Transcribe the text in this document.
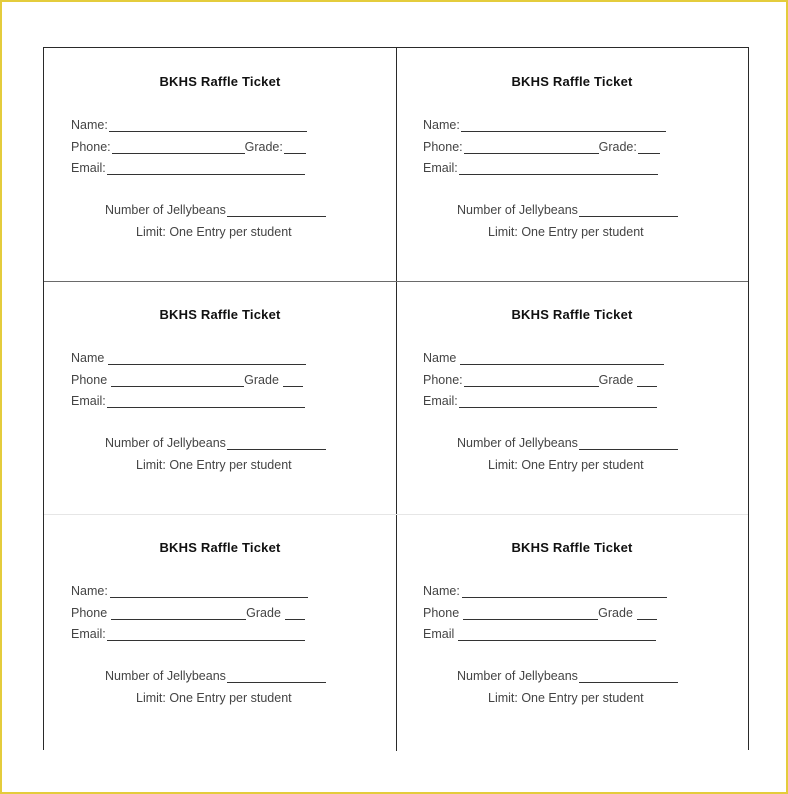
BKHS Raffle Ticket
Name:
Phone:	Grade:
Email:
Number of Jellybeans
Limit: One Entry per student
BKHS Raffle Ticket
Name:
Phone:	Grade:
Email:
Number of Jellybeans
Limit: One Entry per student
BKHS Raffle Ticket
Name
Phone	Grade
Email:
Number of Jellybeans
Limit: One Entry per student
BKHS Raffle Ticket
Name
Phone:	Grade
Email:
Number of Jellybeans
Limit: One Entry per student
BKHS Raffle Ticket
Name:
Phone	Grade
Email:
Number of Jellybeans
Limit: One Entry per student
BKHS Raffle Ticket
Name:
Phone	Grade
Email
Number of Jellybeans
Limit: One Entry per student
